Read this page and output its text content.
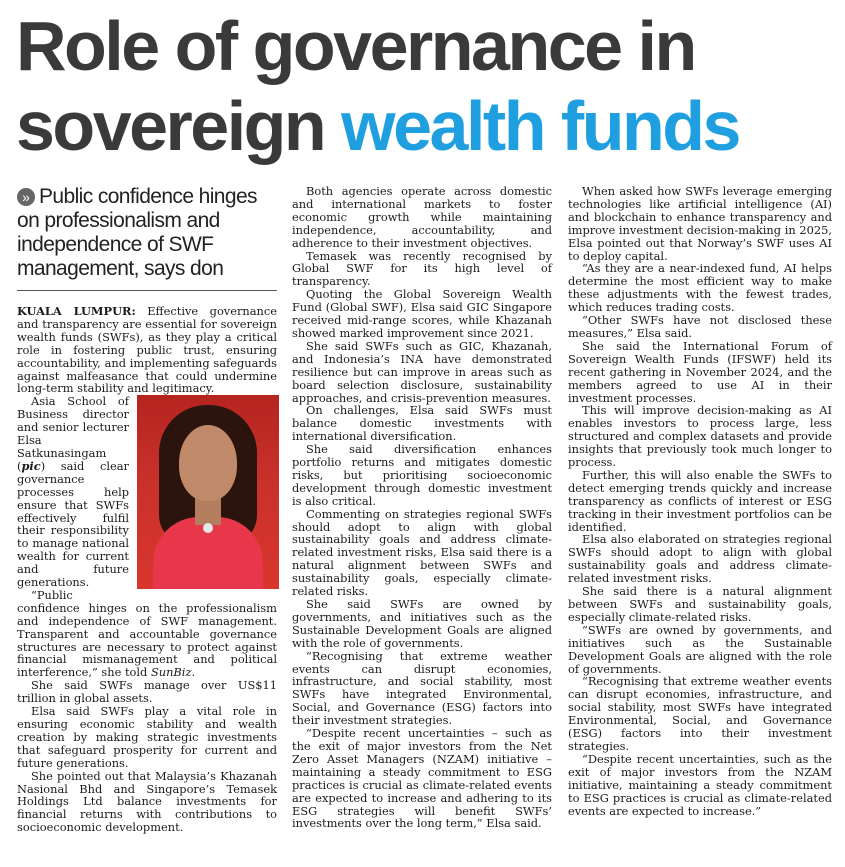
Role of governance in
sovereign wealth funds
» Public confidence hinges on professionalism and independence of SWF management, says don

KUALA LUMPUR: Effective governance and transparency are essential for sovereign wealth funds (SWFs), as they play a critical role in fostering public trust, ensuring accountability, and implementing safeguards against malfeasance that could undermine long-term stability and legitimacy.

Asia School of Business director and senior lecturer Elsa Satkunasingam (pic) said clear governance processes help ensure that SWFs effectively fulfil their responsibility to manage national wealth for current and future generations.

“Public confidence hinges on the professionalism and independence of SWF management. Transparent and accountable governance structures are necessary to protect against financial mismanagement and political interference,” she told SunBiz.

She said SWFs manage over US$11 trillion in global assets.

Elsa said SWFs play a vital role in ensuring economic stability and wealth creation by making strategic investments that safeguard prosperity for current and future generations.

She pointed out that Malaysia’s Khazanah Nasional Bhd and Singapore’s Temasek Holdings Ltd balance investments for financial returns with contributions to socioeconomic development.

Both agencies operate across domestic and international markets to foster economic growth while maintaining independence, accountability, and adherence to their investment objectives.

Temasek was recently recognised by Global SWF for its high level of transparency.

Quoting the Global Sovereign Wealth Fund (Global SWF), Elsa said GIC Singapore received mid-range scores, while Khazanah showed marked improvement since 2021.

She said SWFs such as GIC, Khazanah, and Indonesia’s INA have demonstrated resilience but can improve in areas such as board selection disclosure, sustainability approaches, and crisis-prevention measures.

On challenges, Elsa said SWFs must balance domestic investments with international diversification.

She said diversification enhances portfolio returns and mitigates domestic risks, but prioritising socioeconomic development through domestic investment is also critical.

Commenting on strategies regional SWFs should adopt to align with global sustainability goals and address climate-related investment risks, Elsa said there is a natural alignment between SWFs and sustainability goals, especially climate-related risks.

She said SWFs are owned by governments, and initiatives such as the Sustainable Development Goals are aligned with the role of governments.

“Recognising that extreme weather events can disrupt economies, infrastructure, and social stability, most SWFs have integrated Environmental, Social, and Governance (ESG) factors into their investment strategies.

“Despite recent uncertainties – such as the exit of major investors from the Net Zero Asset Managers (NZAM) initiative – maintaining a steady commitment to ESG practices is crucial as climate-related events are expected to increase and adhering to its ESG strategies will benefit SWFs’ investments over the long term,” Elsa said.

When asked how SWFs leverage emerging technologies like artificial intelligence (AI) and blockchain to enhance transparency and improve investment decision-making in 2025, Elsa pointed out that Norway’s SWF uses AI to deploy capital.

“As they are a near-indexed fund, AI helps determine the most efficient way to make these adjustments with the fewest trades, which reduces trading costs.

“Other SWFs have not disclosed these measures,” Elsa said.

She said the International Forum of Sovereign Wealth Funds (IFSWF) held its recent gathering in November 2024, and the members agreed to use AI in their investment processes.

This will improve decision-making as AI enables investors to process large, less structured and complex datasets and provide insights that previously took much longer to process.

Further, this will also enable the SWFs to detect emerging trends quickly and increase transparency as conflicts of interest or ESG tracking in their investment portfolios can be identified.

Elsa also elaborated on strategies regional SWFs should adopt to align with global sustainability goals and address climate-related investment risks.

She said there is a natural alignment between SWFs and sustainability goals, especially climate-related risks.

“SWFs are owned by governments, and initiatives such as the Sustainable Development Goals are aligned with the role of governments.

“Recognising that extreme weather events can disrupt economies, infrastructure, and social stability, most SWFs have integrated Environmental, Social, and Governance (ESG) factors into their investment strategies.

“Despite recent uncertainties, such as the exit of major investors from the NZAM initiative, maintaining a steady commitment to ESG practices is crucial as climate-related events are expected to increase.”
